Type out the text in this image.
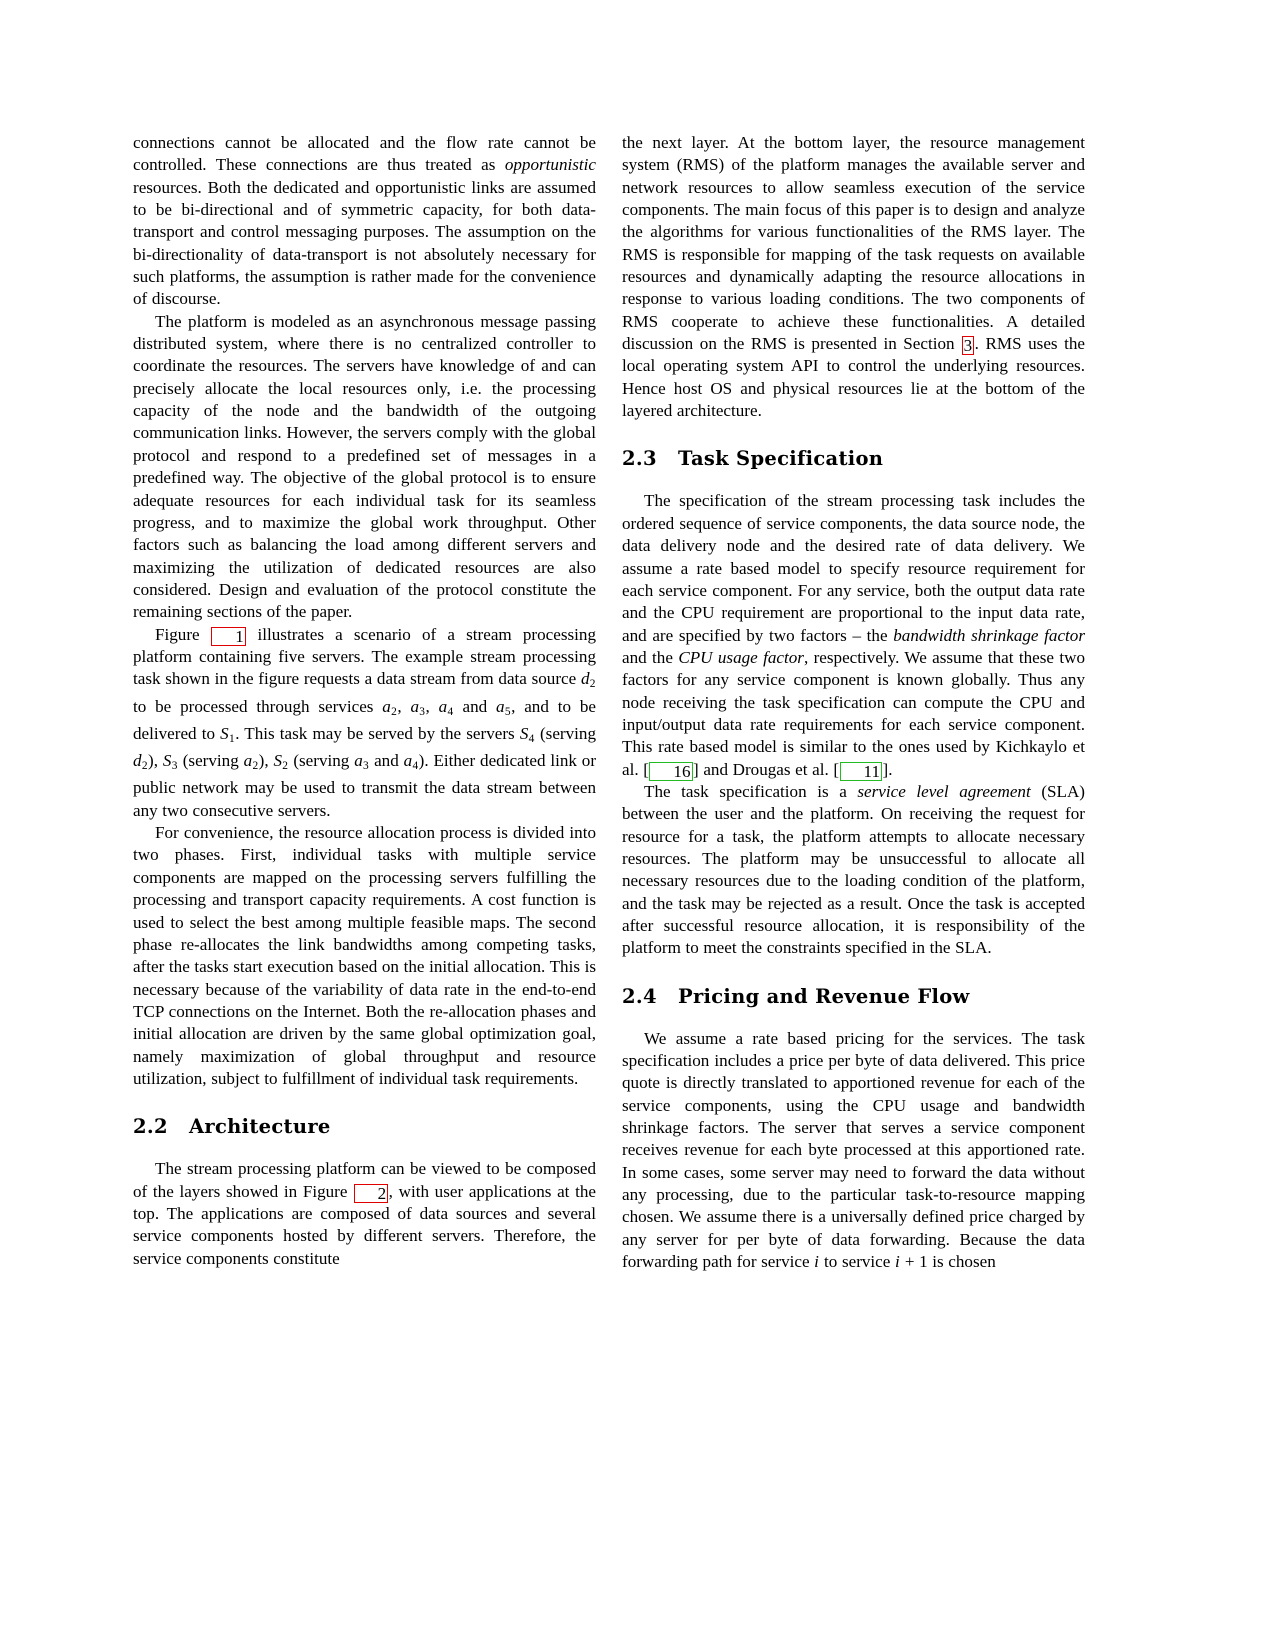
connections cannot be allocated and the flow rate cannot be controlled. These connections are thus treated as opportunistic resources. Both the dedicated and opportunistic links are assumed to be bi-directional and of symmetric capacity, for both data-transport and control messaging purposes. The assumption on the bi-directionality of data-transport is not absolutely necessary for such platforms, the assumption is rather made for the convenience of discourse.

The platform is modeled as an asynchronous message passing distributed system, where there is no centralized controller to coordinate the resources. The servers have knowledge of and can precisely allocate the local resources only, i.e. the processing capacity of the node and the bandwidth of the outgoing communication links. However, the servers comply with the global protocol and respond to a predefined set of messages in a predefined way. The objective of the global protocol is to ensure adequate resources for each individual task for its seamless progress, and to maximize the global work throughput. Other factors such as balancing the load among different servers and maximizing the utilization of dedicated resources are also considered. Design and evaluation of the protocol constitute the remaining sections of the paper.

Figure 1 illustrates a scenario of a stream processing platform containing five servers. The example stream processing task shown in the figure requests a data stream from data source $d_2$ to be processed through services $a_2$, $a_3$, $a_4$ and $a_5$, and to be delivered to $S_1$. This task may be served by the servers $S_4$ (serving $d_2$), $S_3$ (serving $a_2$), $S_2$ (serving $a_3$ and $a_4$). Either dedicated link or public network may be used to transmit the data stream between any two consecutive servers.

For convenience, the resource allocation process is divided into two phases. First, individual tasks with multiple service components are mapped on the processing servers fulfilling the processing and transport capacity requirements. A cost function is used to select the best among multiple feasible maps. The second phase re-allocates the link bandwidths among competing tasks, after the tasks start execution based on the initial allocation. This is necessary because of the variability of data rate in the end-to-end TCP connections on the Internet. Both the re-allocation phases and initial allocation are driven by the same global optimization goal, namely maximization of global throughput and resource utilization, subject to fulfillment of individual task requirements.

2.2 Architecture

The stream processing platform can be viewed to be composed of the layers showed in Figure 2 , with user applications at the top. The applications are composed of data sources and several service components hosted by different servers. Therefore, the service components constitute

the next layer. At the bottom layer, the resource management system (RMS) of the platform manages the available server and network resources to allow seamless execution of the service components. The main focus of this paper is to design and analyze the algorithms for various functionalities of the RMS layer. The RMS is responsible for mapping of the task requests on available resources and dynamically adapting the resource allocations in response to various loading conditions. The two components of RMS cooperate to achieve these functionalities. A detailed discussion on the RMS is presented in Section 3 . RMS uses the local operating system API to control the underlying resources. Hence host OS and physical resources lie at the bottom of the layered architecture.

2.3 Task Specification

The specification of the stream processing task includes the ordered sequence of service components, the data source node, the data delivery node and the desired rate of data delivery. We assume a rate based model to specify resource requirement for each service component. For any service, both the output data rate and the CPU requirement are proportional to the input data rate, and are specified by two factors – the bandwidth shrinkage factor and the CPU usage factor, respectively. We assume that these two factors for any service component is known globally. Thus any node receiving the task specification can compute the CPU and input/output data rate requirements for each service component. This rate based model is similar to the ones used by Kichkaylo et al. [ 16 ] and Drougas et al. [ 11 ].

The task specification is a service level agreement (SLA) between the user and the platform. On receiving the request for resource for a task, the platform attempts to allocate necessary resources. The platform may be unsuccessful to allocate all necessary resources due to the loading condition of the platform, and the task may be rejected as a result. Once the task is accepted after successful resource allocation, it is responsibility of the platform to meet the constraints specified in the SLA.

2.4 Pricing and Revenue Flow

We assume a rate based pricing for the services. The task specification includes a price per byte of data delivered. This price quote is directly translated to apportioned revenue for each of the service components, using the CPU usage and bandwidth shrinkage factors. The server that serves a service component receives revenue for each byte processed at this apportioned rate. In some cases, some server may need to forward the data without any processing, due to the particular task-to-resource mapping chosen. We assume there is a universally defined price charged by any server for per byte of data forwarding. Because the data forwarding path for service i to service i + 1 is chosen
